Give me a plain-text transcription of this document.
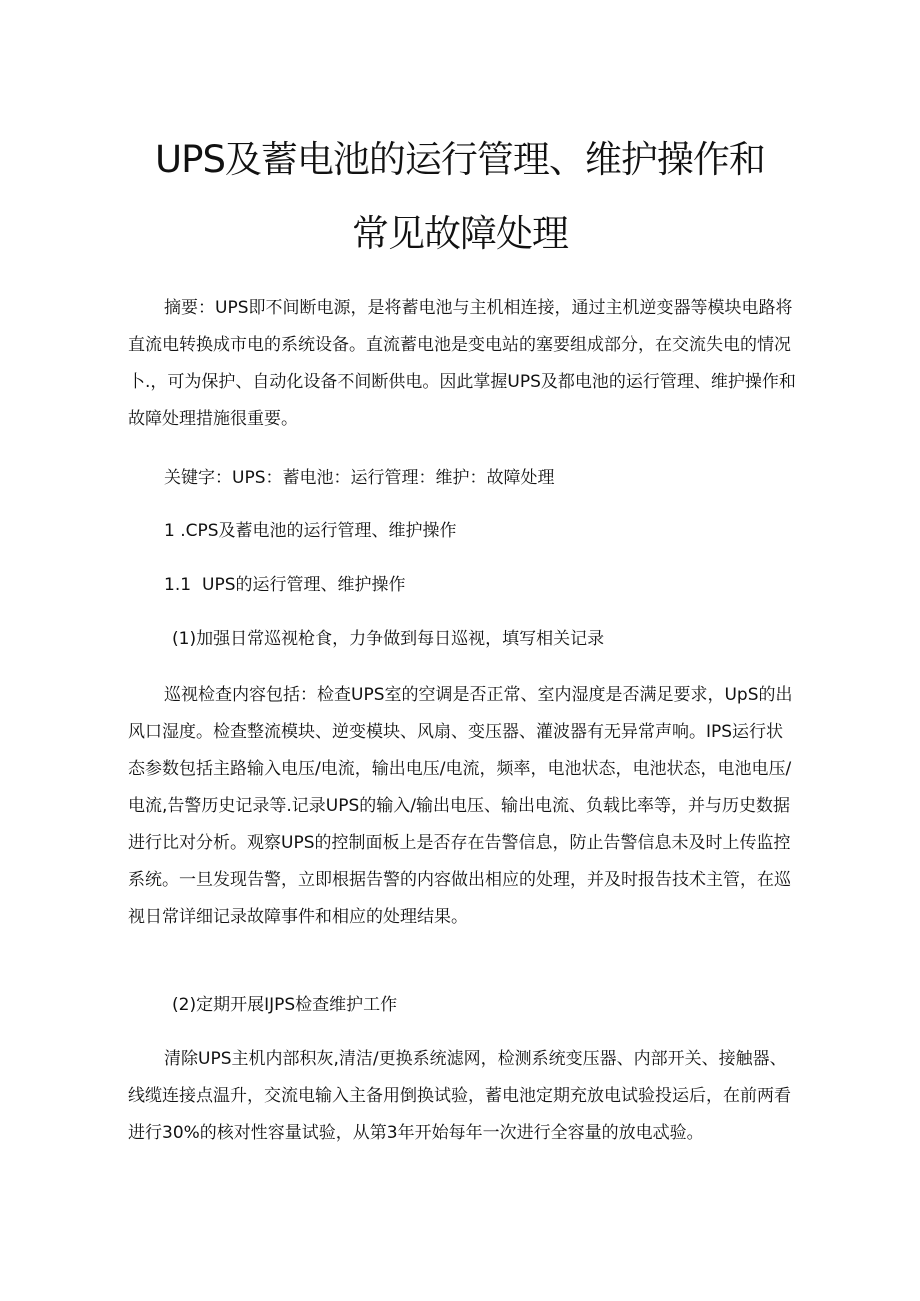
UPS及蓄电池的运行管理、维护操作和
常见故障处理

摘要：UPS即不间断电源，是将蓄电池与主机相连接，通过主机逆变器等模块电路将直流电转换成市电的系统设备。直流蓄电池是变电站的塞要组成部分，在交流失电的情况卜.，可为保护、自动化设备不间断供电。因此掌握UPS及都电池的运行管理、维护操作和故障处理措施很重要。

关键字：UPS：蓄电池：运行管理：维护：故障处理

1 .CPS及蓄电池的运行管理、维护操作

1.1 UPS的运行管理、维护操作

(1)加强日常巡视枪食，力争做到每日巡视，填写相关记录

巡视检查内容包括：检查UPS室的空调是否正常、室内湿度是否满足要求，UpS的出风口湿度。检查整流模块、逆变模块、风扇、变压器、灌波器有无异常声响。IPS运行状态参数包括主路输入电压/电流，输出电压/电流，频率，电池状态，电池状态，电池电压/电流,告警历史记录等.记录UPS的输入/输出电压、输出电流、负载比率等，并与历史数据进行比对分析。观察UPS的控制面板上是否存在告警信息，防止告警信息未及时上传监控系统。一旦发现告警，立即根据告警的内容做出相应的处理，并及时报告技术主管，在巡视日常详细记录故障事件和相应的处理结果。

(2)定期开展IJPS检查维护工作

清除UPS主机内部积灰,清洁/更换系统滤网，检测系统变压器、内部开关、接触器、线缆连接点温升，交流电输入主备用倒换试验，蓄电池定期充放电试验投运后，在前两看进行30%的核对性容量试验，从第3年开始每年一次进行全容量的放电忒验。
